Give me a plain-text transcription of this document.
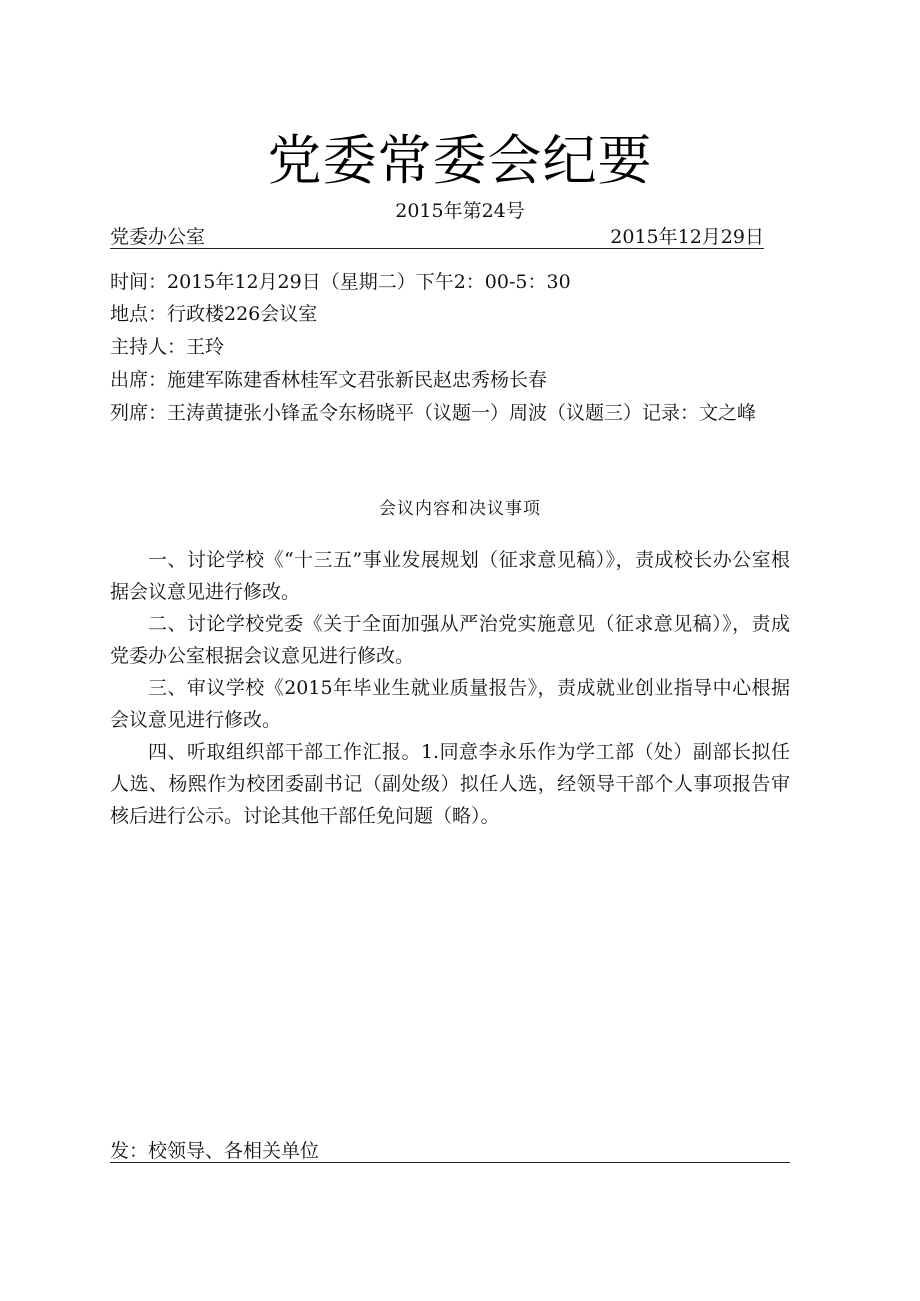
党委常委会纪要
2015年第24号
党委办公室	2015年12月29日
时间：2015年12月29日（星期二）下午2：00-5：30
地点：行政楼226会议室
主持人：王玲
出席：施建军陈建香林桂军文君张新民赵忠秀杨长春
列席：王涛黄捷张小锋孟令东杨晓平（议题一）周波（议题三）记录：文之峰
会议内容和决议事项

一、讨论学校《“十三五”事业发展规划（征求意见稿）》，责成校长办公室根据会议意见进行修改。

二、讨论学校党委《关于全面加强从严治党实施意见（征求意见稿）》，责成党委办公室根据会议意见进行修改。

三、审议学校《2015年毕业生就业质量报告》，责成就业创业指导中心根据会议意见进行修改。

四、听取组织部干部工作汇报。1.同意李永乐作为学工部（处）副部长拟任人选、杨熙作为校团委副书记（副处级）拟任人选，经领导干部个人事项报告审核后进行公示。讨论其他干部任免问题（略）。

发：校领导、各相关单位
